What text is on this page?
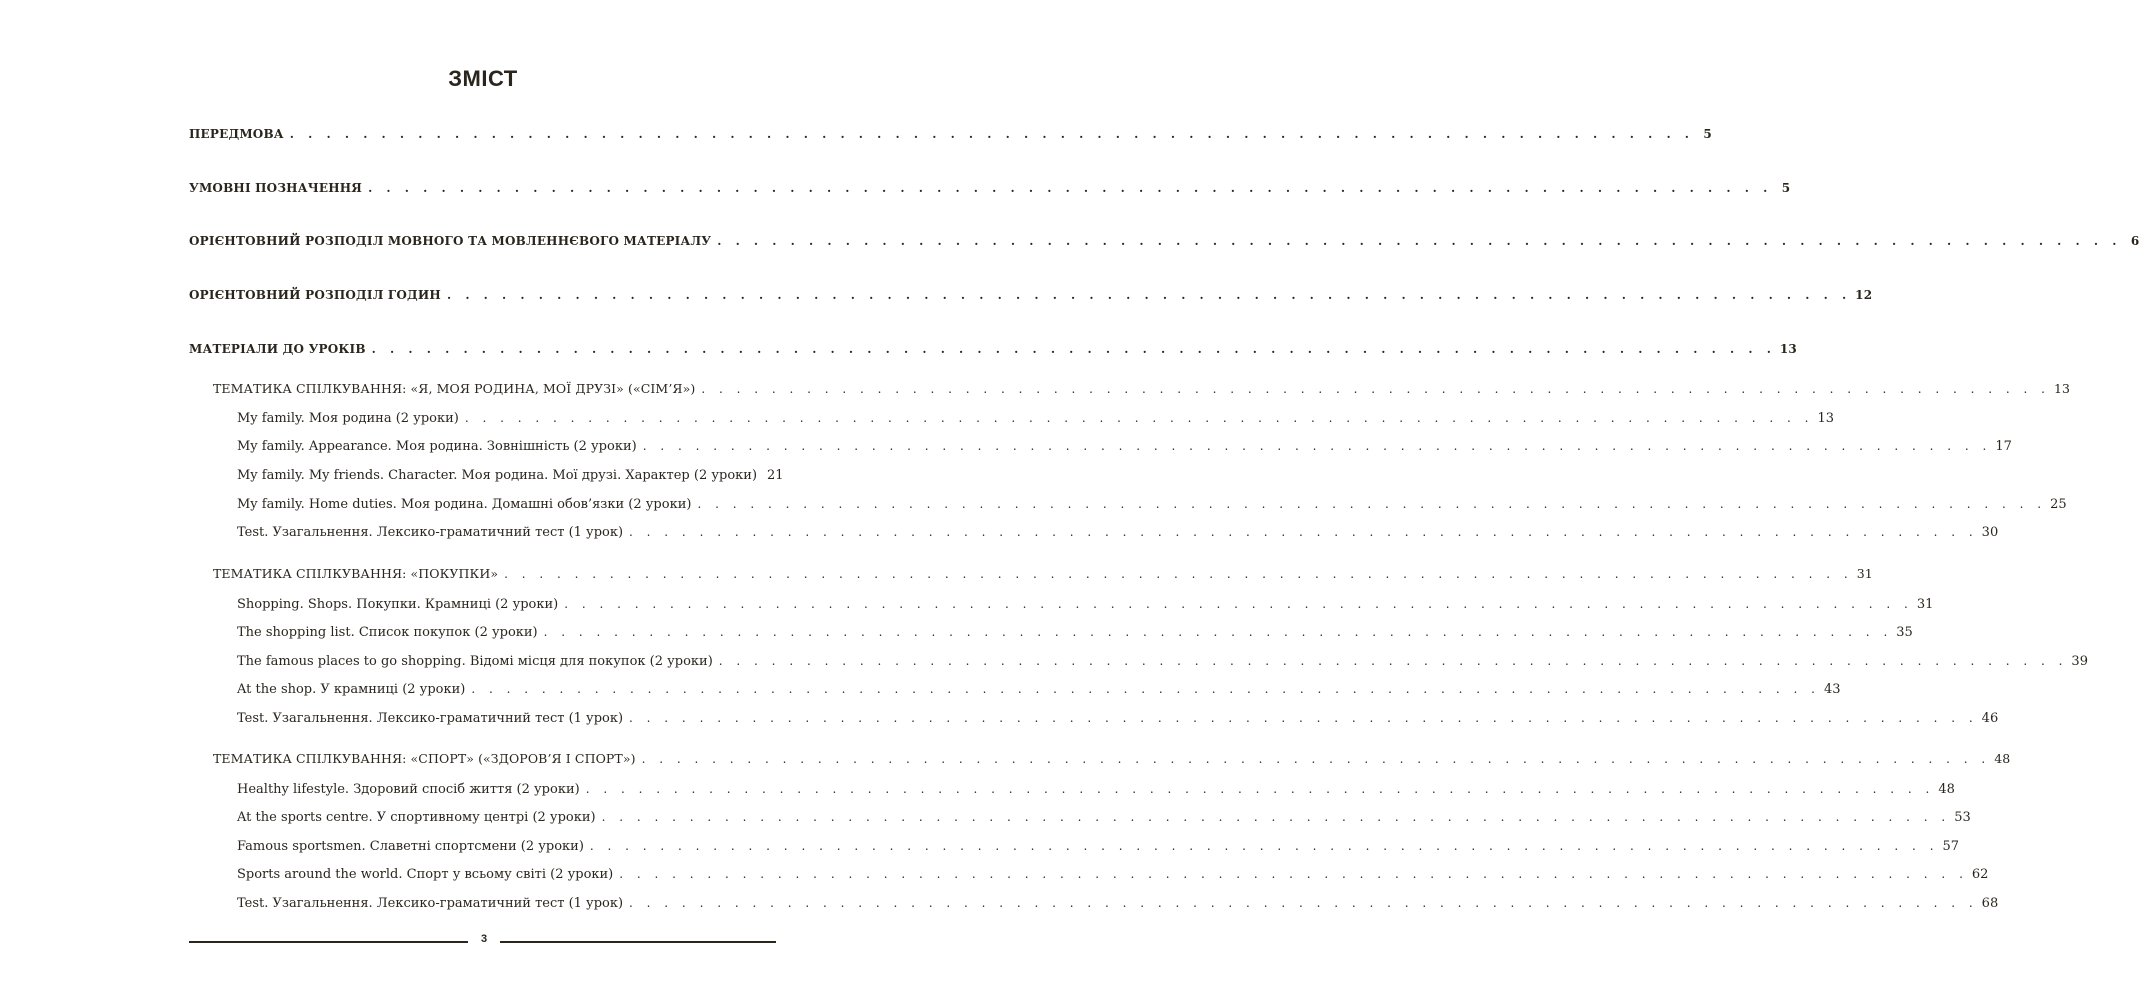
ЗМІСТ
ПЕРЕДМОВА . . . . . . . . . . . . . . . . . . . . . . . . . . . . . . . . . . . . . . . . . . . . . . . . . . . . . . . . . . . . . . . . . . . . . . . . . . . . . 5
УМОВНІ ПОЗНАЧЕННЯ . . . . . . . . . . . . . . . . . . . . . . . . . . . . . . . . . . . . . . . . . . . . . . . . . . . . . . . . . . . . . . . . . . . . . . . . . . . . . 5
ОРІЄНТОВНИЙ РОЗПОДІЛ МОВНОГО ТА МОВЛЕННЄВОГО МАТЕРІАЛУ . . . . . . . . . . . . . . . . . . . . . . . . . . . . . . . . . . . . . . . . . . . . . . . . . . . . . . . . . . . . . . . . . . . . . . . . . . . . . 6
ОРІЄНТОВНИЙ РОЗПОДІЛ ГОДИН . . . . . . . . . . . . . . . . . . . . . . . . . . . . . . . . . . . . . . . . . . . . . . . . . . . . . . . . . . . . . . . . . . . . . . . . . . . . . 12
МАТЕРІАЛИ ДО УРОКІВ . . . . . . . . . . . . . . . . . . . . . . . . . . . . . . . . . . . . . . . . . . . . . . . . . . . . . . . . . . . . . . . . . . . . . . . . . . . . . 13
ТЕМАТИКА СПІЛКУВАННЯ: «Я, МОЯ РОДИНА, МОЇ ДРУЗІ» («СІМ’Я») . . . . . . . . . . . . . . . . . . . . . . . . . . . . . . . . . . . . . . . . . . . . . . . . . . . . . . . . . . . . . . . . . . . . . . . . . . . . . 13
My family. Моя родина (2 уроки) . . . . . . . . . . . . . . . . . . . . . . . . . . . . . . . . . . . . . . . . . . . . . . . . . . . . . . . . . . . . . . . . . . . . . . . . . . . . . 13
My family. Appearance. Моя родина. Зовнішність (2 уроки) . . . . . . . . . . . . . . . . . . . . . . . . . . . . . . . . . . . . . . . . . . . . . . . . . . . . . . . . . . . . . . . . . . . . . . . . . . . . . 17
My family. My friends. Character. Моя родина. Мої друзі. Характер (2 уроки) 21
My family. Home duties. Моя родина. Домашні обов’язки (2 уроки) . . . . . . . . . . . . . . . . . . . . . . . . . . . . . . . . . . . . . . . . . . . . . . . . . . . . . . . . . . . . . . . . . . . . . . . . . . . . . 25
Test. Узагальнення. Лексико-граматичний тест (1 урок) . . . . . . . . . . . . . . . . . . . . . . . . . . . . . . . . . . . . . . . . . . . . . . . . . . . . . . . . . . . . . . . . . . . . . . . . . . . . . 30
ТЕМАТИКА СПІЛКУВАННЯ: «ПОКУПКИ» . . . . . . . . . . . . . . . . . . . . . . . . . . . . . . . . . . . . . . . . . . . . . . . . . . . . . . . . . . . . . . . . . . . . . . . . . . . . . 31
Shopping. Shops. Покупки. Крамниці (2 уроки) . . . . . . . . . . . . . . . . . . . . . . . . . . . . . . . . . . . . . . . . . . . . . . . . . . . . . . . . . . . . . . . . . . . . . . . . . . . . . 31
The shopping list. Список покупок (2 уроки) . . . . . . . . . . . . . . . . . . . . . . . . . . . . . . . . . . . . . . . . . . . . . . . . . . . . . . . . . . . . . . . . . . . . . . . . . . . . . 35
The famous places to go shopping. Відомі місця для покупок (2 уроки) . . . . . . . . . . . . . . . . . . . . . . . . . . . . . . . . . . . . . . . . . . . . . . . . . . . . . . . . . . . . . . . . . . . . . . . . . . . . . 39
At the shop. У крамниці (2 уроки) . . . . . . . . . . . . . . . . . . . . . . . . . . . . . . . . . . . . . . . . . . . . . . . . . . . . . . . . . . . . . . . . . . . . . . . . . . . . . 43
Test. Узагальнення. Лексико-граматичний тест (1 урок) . . . . . . . . . . . . . . . . . . . . . . . . . . . . . . . . . . . . . . . . . . . . . . . . . . . . . . . . . . . . . . . . . . . . . . . . . . . . . 46
ТЕМАТИКА СПІЛКУВАННЯ: «СПОРТ» («ЗДОРОВ’Я І СПОРТ») . . . . . . . . . . . . . . . . . . . . . . . . . . . . . . . . . . . . . . . . . . . . . . . . . . . . . . . . . . . . . . . . . . . . . . . . . . . . . 48
Healthy lifestyle. Здоровий спосіб життя (2 уроки) . . . . . . . . . . . . . . . . . . . . . . . . . . . . . . . . . . . . . . . . . . . . . . . . . . . . . . . . . . . . . . . . . . . . . . . . . . . . . 48
At the sports centre. У спортивному центрі (2 уроки) . . . . . . . . . . . . . . . . . . . . . . . . . . . . . . . . . . . . . . . . . . . . . . . . . . . . . . . . . . . . . . . . . . . . . . . . . . . . . 53
Famous sportsmen. Славетні спортсмени (2 уроки) . . . . . . . . . . . . . . . . . . . . . . . . . . . . . . . . . . . . . . . . . . . . . . . . . . . . . . . . . . . . . . . . . . . . . . . . . . . . . 57
Sports around the world. Спорт у всьому світі (2 уроки) . . . . . . . . . . . . . . . . . . . . . . . . . . . . . . . . . . . . . . . . . . . . . . . . . . . . . . . . . . . . . . . . . . . . . . . . . . . . . 62
Test. Узагальнення. Лексико-граматичний тест (1 урок) . . . . . . . . . . . . . . . . . . . . . . . . . . . . . . . . . . . . . . . . . . . . . . . . . . . . . . . . . . . . . . . . . . . . . . . . . . . . . 68
3
